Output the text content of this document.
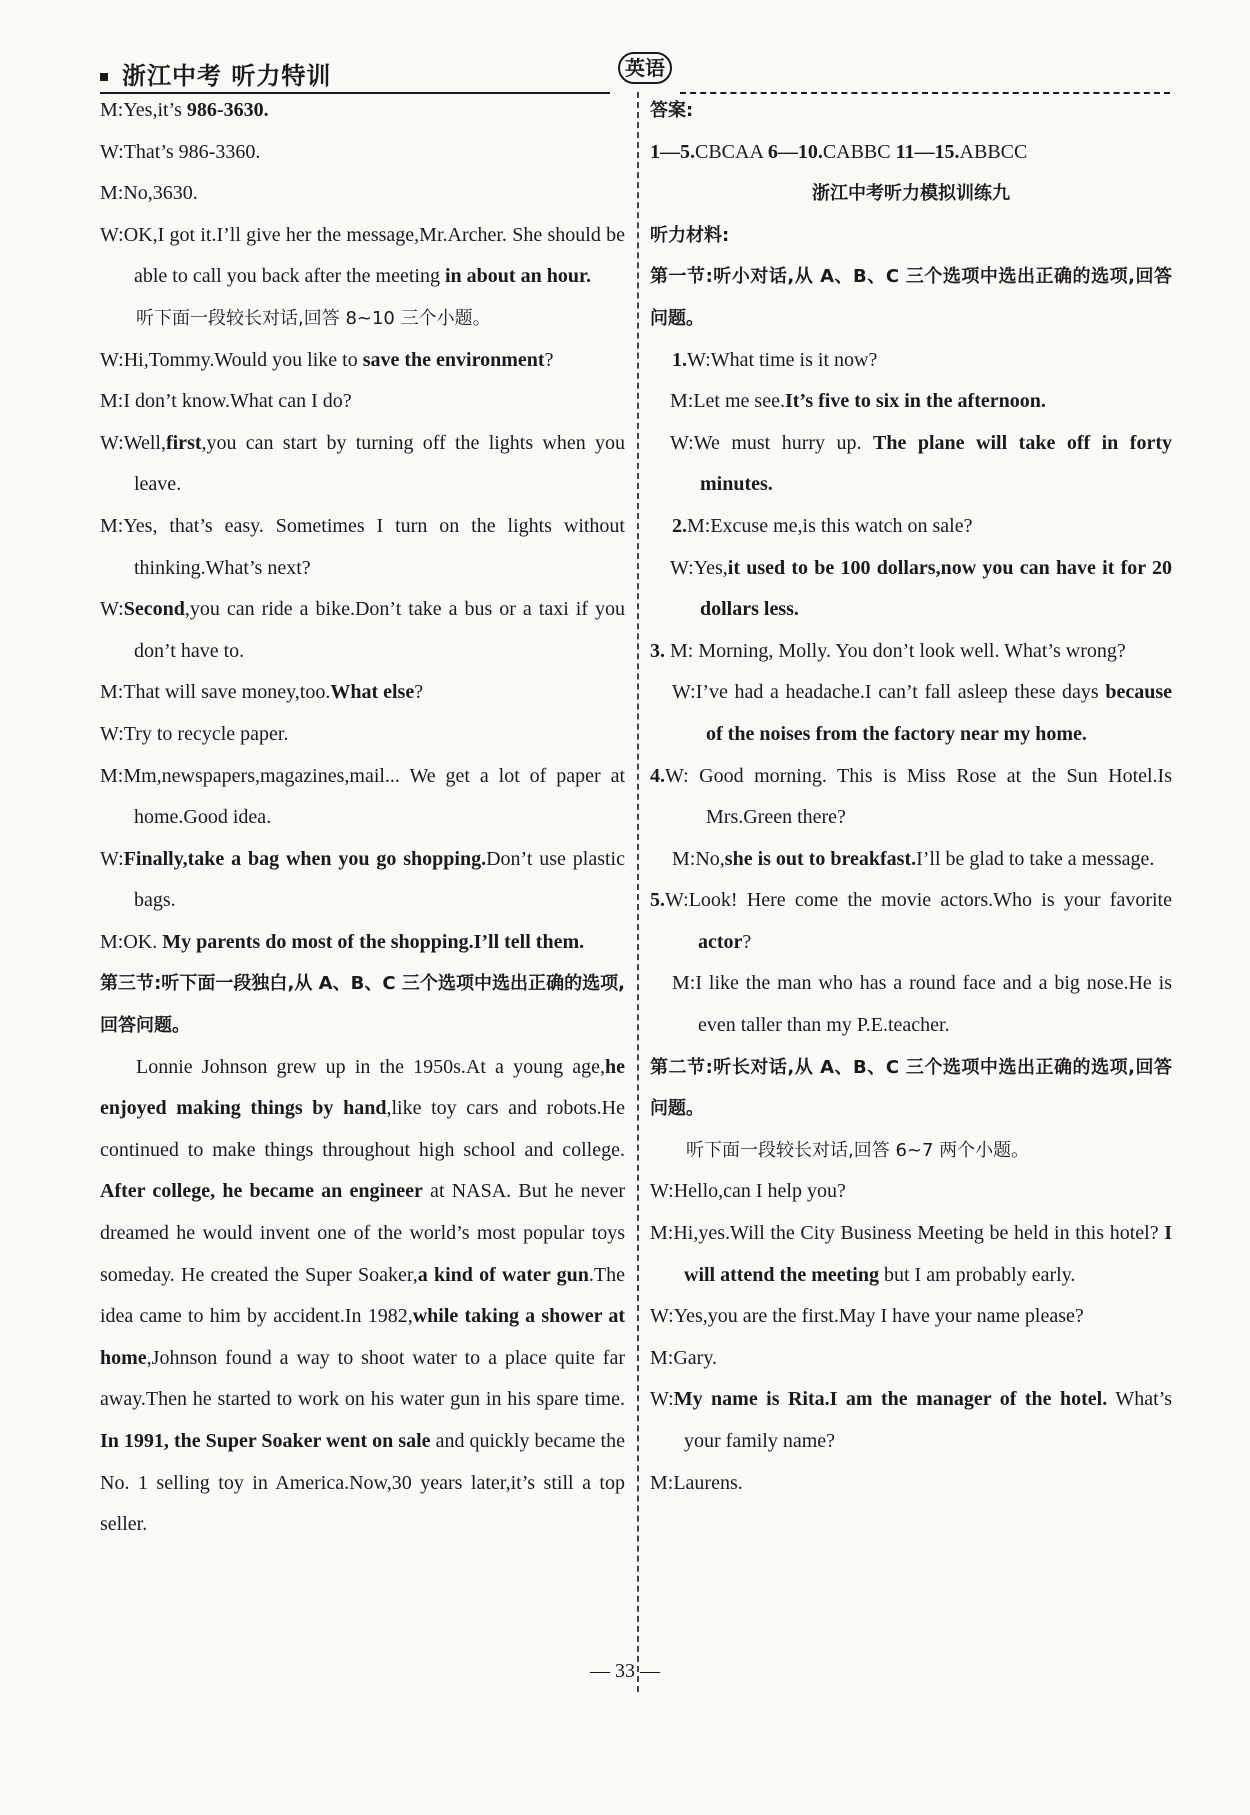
浙江中考 听力特训	英语

M:Yes,it’s 986-3630.

W:That’s 986-3360.

M:No,3630.

W:OK,I got it.I’ll give her the message,Mr.Archer. She should be able to call you back after the meeting in about an hour.

听下面一段较长对话,回答 8~10 三个小题。

W:Hi,Tommy.Would you like to save the environment?

M:I don’t know.What can I do?

W:Well,first,you can start by turning off the lights when you leave.

M:Yes, that’s easy. Sometimes I turn on the lights without thinking.What’s next?

W:Second,you can ride a bike.Don’t take a bus or a taxi if you don’t have to.

M:That will save money,too.What else?

W:Try to recycle paper.

M:Mm,newspapers,magazines,mail... We get a lot of paper at home.Good idea.

W:Finally,take a bag when you go shopping.Don’t use plastic bags.

M:OK. My parents do most of the shopping.I’ll tell them.

第三节:听下面一段独白,从 A、B、C 三个选项中选出正确的选项,回答问题。

Lonnie Johnson grew up in the 1950s.At a young age,he enjoyed making things by hand,like toy cars and robots.He continued to make things throughout high school and college. After college, he became an engineer at NASA. But he never dreamed he would invent one of the world’s most popular toys someday. He created the Super Soaker,a kind of water gun.The idea came to him by accident.In 1982,while taking a shower at home,Johnson found a way to shoot water to a place quite far away.Then he started to work on his water gun in his spare time. In 1991, the Super Soaker went on sale and quickly became the No. 1 selling toy in America.Now,30 years later,it’s still a top seller.

答案:

1—5.CBCAA 6—10.CABBC 11—15.ABBCC

浙江中考听力模拟训练九

听力材料:

第一节:听小对话,从 A、B、C 三个选项中选出正确的选项,回答问题。

1.W:What time is it now?

M:Let me see.It’s five to six in the afternoon.

W:We must hurry up. The plane will take off in forty minutes.

2.M:Excuse me,is this watch on sale?

W:Yes,it used to be 100 dollars,now you can have it for 20 dollars less.

3. M: Morning, Molly. You don’t look well. What’s wrong?

W:I’ve had a headache.I can’t fall asleep these days because of the noises from the factory near my home.

4.W: Good morning. This is Miss Rose at the Sun Hotel.Is Mrs.Green there?

M:No,she is out to breakfast.I’ll be glad to take a message.

5.W:Look! Here come the movie actors.Who is your favorite actor?

M:I like the man who has a round face and a big nose.He is even taller than my P.E.teacher.

第二节:听长对话,从 A、B、C 三个选项中选出正确的选项,回答问题。

听下面一段较长对话,回答 6~7 两个小题。

W:Hello,can I help you?

M:Hi,yes.Will the City Business Meeting be held in this hotel? I will attend the meeting but I am probably early.

W:Yes,you are the first.May I have your name please?

M:Gary.

W:My name is Rita.I am the manager of the hotel. What’s your family name?

M:Laurens.

— 33 —
